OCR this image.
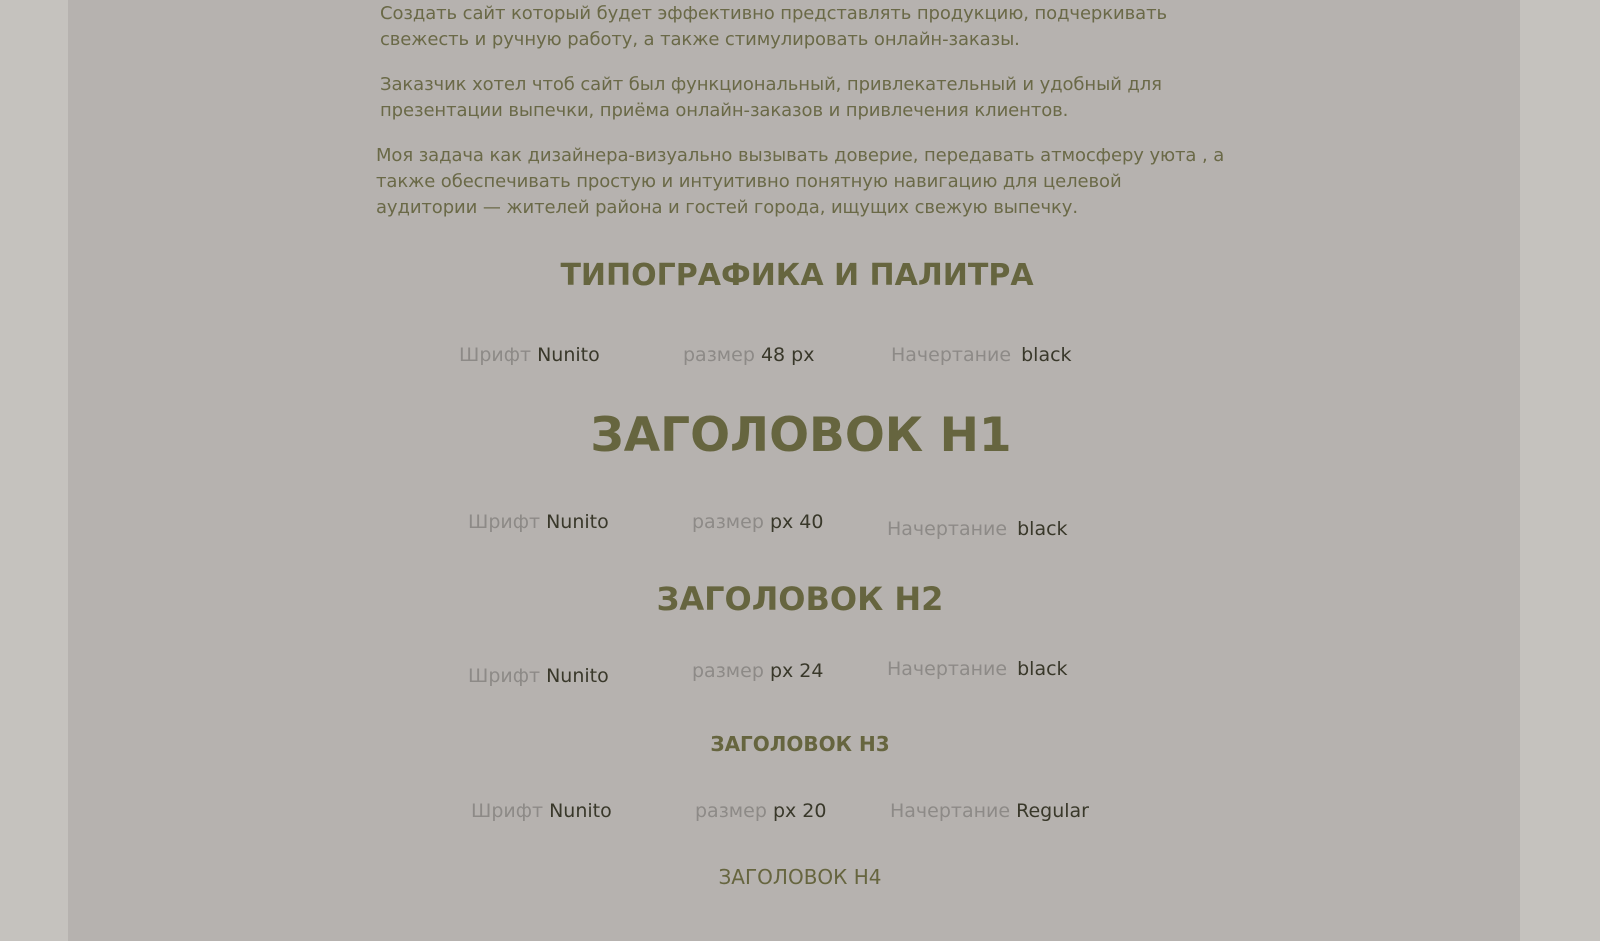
Создать сайт который будет эффективно представлять продукцию, подчеркивать свежесть и ручную работу, а также стимулировать онлайн-заказы.

Заказчик хотел чтоб сайт был функциональный, привлекательный и удобный для презентации выпечки, приёма онлайн-заказов и привлечения клиентов.

Моя задача как дизайнера-визуально вызывать доверие, передавать атмосферу уюта , а также обеспечивать простую и интуитивно понятную навигацию для целевой аудитории — жителей района и гостей города, ищущих свежую выпечку.

ТИПОГРАФИКА И ПАЛИТРА
Шрифт Nunito	размер 48 px	Начертание black
ЗАГОЛОВОК Н1
Шрифт Nunito	размер px 40	Начертание black
ЗАГОЛОВОК Н2
Шрифт Nunito	размер px 24	Начертание black
ЗАГОЛОВОК Н3
Шрифт Nunito	размер px 20	Начертание Regular
ЗАГОЛОВОК Н4
